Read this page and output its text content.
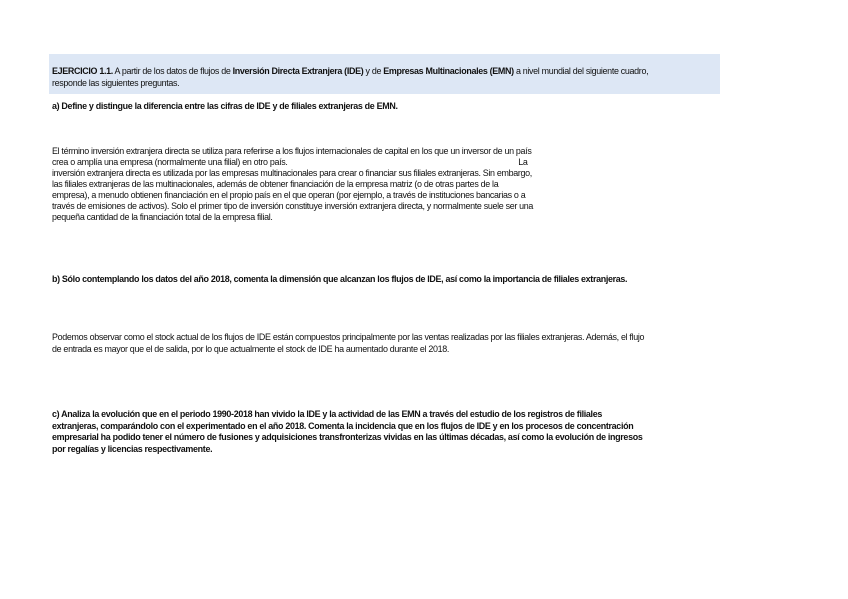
EJERCICIO 1.1. A partir de los datos de flujos de Inversión Directa Extranjera (IDE) y de Empresas Multinacionales (EMN) a nivel mundial del siguiente cuadro, responde las siguientes preguntas.
a) Define y distingue la diferencia entre las cifras de IDE y de filiales extranjeras de EMN.
El término inversión extranjera directa se utiliza para referirse a los flujos internacionales de capital en los que un inversor de un país
crea o amplía una empresa (normalmente una filial) en otro país.	La
inversión extranjera directa es utilizada por las empresas multinacionales para crear o financiar sus filiales extranjeras. Sin embargo,
las filiales extranjeras de las multinacionales, además de obtener financiación de la empresa matriz (o de otras partes de la
empresa), a menudo obtienen financiación en el propio país en el que operan (por ejemplo, a través de instituciones bancarias o a
través de emisiones de activos). Solo el primer tipo de inversión constituye inversión extranjera directa, y normalmente suele ser una
pequeña cantidad de la financiación total de la empresa filial.
b) Sólo contemplando los datos del año 2018, comenta la dimensión que alcanzan los flujos de IDE, así como la importancia de filiales extranjeras.
Podemos observar como el stock actual de los flujos de IDE están compuestos principalmente por las ventas realizadas por las filiales extranjeras. Además, el flujo de entrada es mayor que el de salida, por lo que actualmente el stock de IDE ha aumentado durante el 2018.
c) Analiza la evolución que en el periodo 1990-2018 han vivido la IDE y la actividad de las EMN a través del estudio de los registros de filiales extranjeras, comparándolo con el experimentado en el año 2018. Comenta la incidencia que en los flujos de IDE y en los procesos de concentración empresarial ha podido tener el número de fusiones y adquisiciones transfronterizas vividas en las últimas décadas, así como la evolución de ingresos por regalías y licencias respectivamente.
